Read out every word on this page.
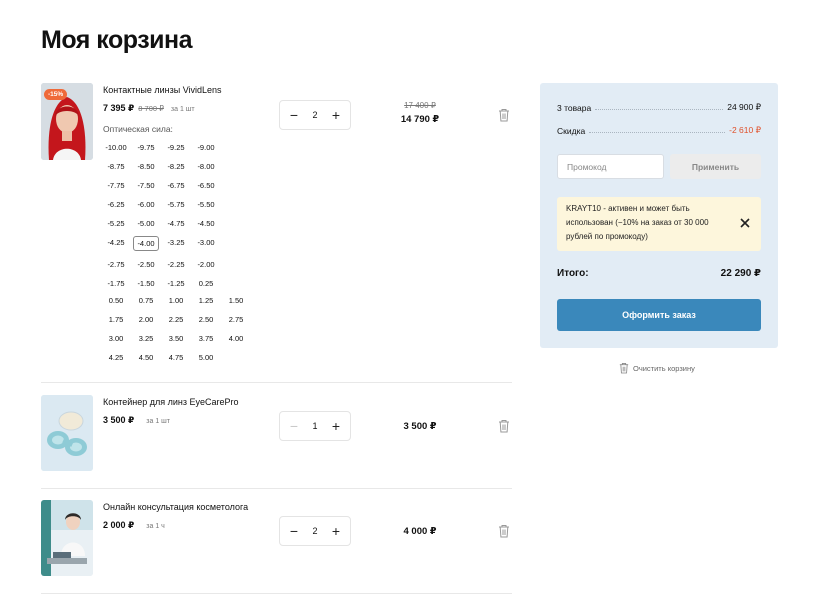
Моя корзина
-15%	Контактные линзы VividLens
7 395 ₽ 8 700 ₽ за 1 шт
Оптическая сила:
-10.00	-9.75	-9.25	-9.00
-8.75	-8.50	-8.25	-8.00
-7.75	-7.50	-6.75	-6.50
-6.25	-6.00	-5.75	-5.50
-5.25	-5.00	-4.75	-4.50
-4.25	-4.00	-3.25	-3.00
-2.75	-2.50	-2.25	-2.00
-1.75	-1.50	-1.25	0.25
0.50	0.75	1.00	1.25	1.50
1.75	2.00	2.25	2.50	2.75
3.00	3.25	3.50	3.75	4.00
4.25	4.50	4.75	5.00
− 2 +
17 400 ₽
14 790 ₽
Контейнер для линз EyeCarePro
3 500 ₽ за 1 шт	− 1 +	3 500 ₽
Онлайн консультация косметолога
2 000 ₽ за 1 ч	− 2 +	4 000 ₽
3 товара	24 900 ₽
Скидка	-2 610 ₽
Промокод
Применить
KRAYT10 - активен и может быть использован (−10% на заказ от 30 000 рублей по промокоду)
Итого:	22 290 ₽
Оформить заказ
Очистить корзину
